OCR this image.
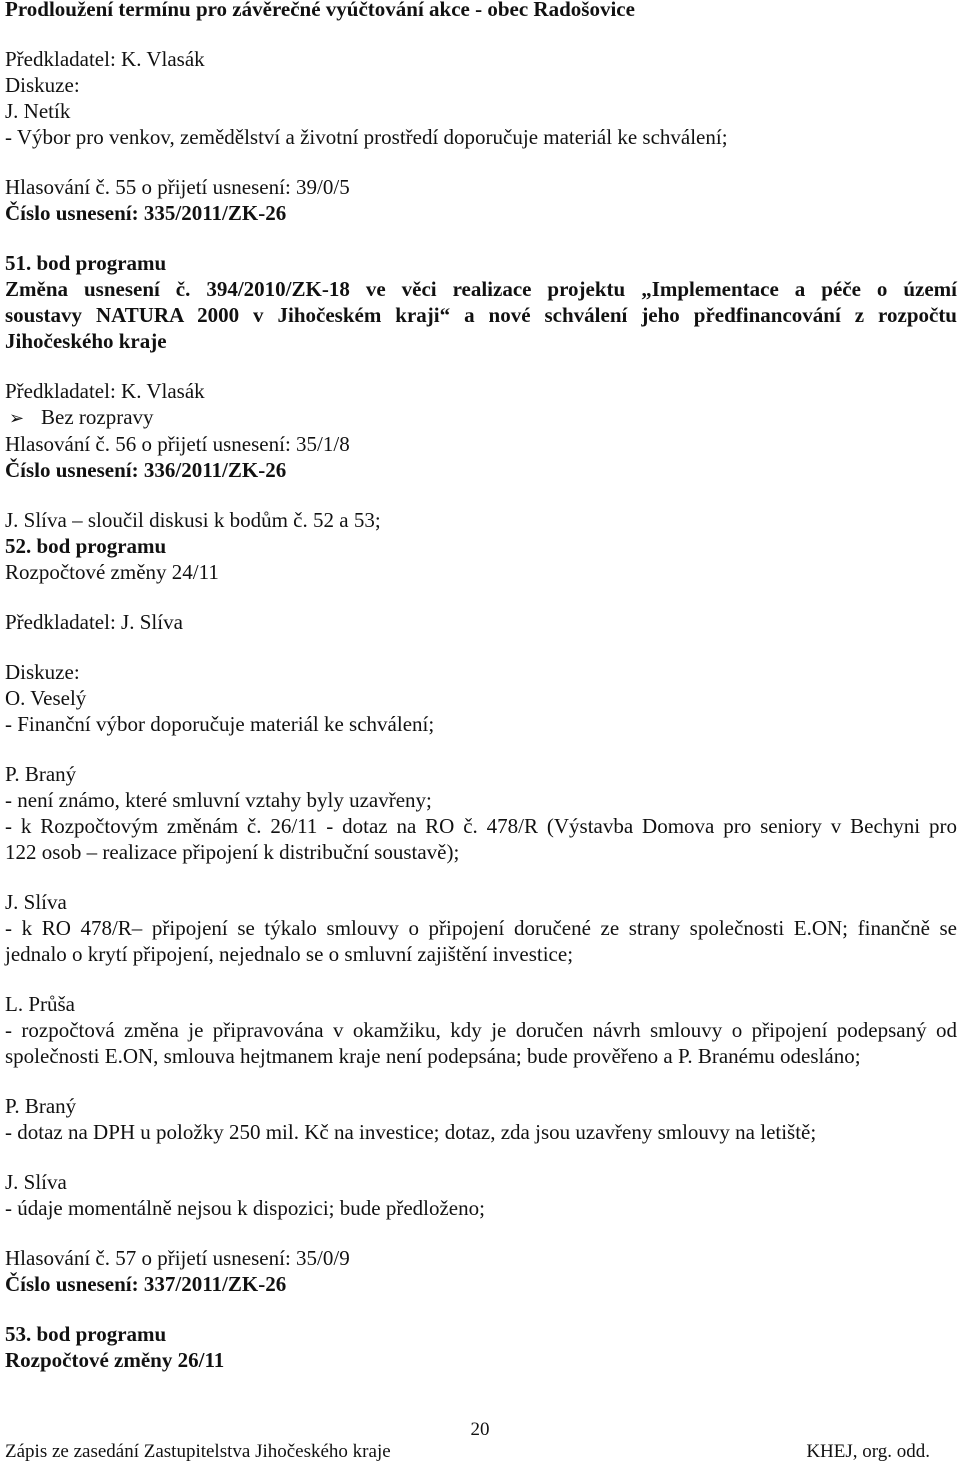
Prodloužení termínu pro závěrečné vyúčtování akce - obec Radošovice
Předkladatel: K. Vlasák
Diskuze:
J. Netík
- Výbor pro venkov, zemědělství a životní prostředí doporučuje materiál ke schválení;
Hlasování č. 55 o přijetí usnesení: 39/0/5
Číslo usnesení: 335/2011/ZK-26
51. bod programu
Změna usnesení č. 394/2010/ZK-18 ve věci realizace projektu „Implementace a péče o území
soustavy NATURA 2000 v Jihočeském kraji“ a nové schválení jeho předfinancování z rozpočtu
Jihočeského kraje
Předkladatel: K. Vlasák
➢ Bez rozpravy
Hlasování č. 56 o přijetí usnesení: 35/1/8
Číslo usnesení: 336/2011/ZK-26
J. Slíva – sloučil diskusi k bodům č. 52 a 53;
52. bod programu
Rozpočtové změny 24/11
Předkladatel: J. Slíva
Diskuze:
O. Veselý
- Finanční výbor doporučuje materiál ke schválení;
P. Braný
- není známo, které smluvní vztahy byly uzavřeny;
- k Rozpočtovým změnám č. 26/11 - dotaz na RO č. 478/R (Výstavba Domova pro seniory v Bechyni pro
122 osob – realizace připojení k distribuční soustavě);
J. Slíva
- k RO 478/R– připojení se týkalo smlouvy o připojení doručené ze strany společnosti E.ON; finančně se
jednalo o krytí připojení, nejednalo se o smluvní zajištění investice;
L. Průša
- rozpočtová změna je připravována v okamžiku, kdy je doručen návrh smlouvy o připojení podepsaný od
společnosti E.ON, smlouva hejtmanem kraje není podepsána; bude prověřeno a P. Branému odesláno;
P. Braný
- dotaz na DPH u položky 250 mil. Kč na investice; dotaz, zda jsou uzavřeny smlouvy na letiště;
J. Slíva
- údaje momentálně nejsou k dispozici; bude předloženo;
Hlasování č. 57 o přijetí usnesení: 35/0/9
Číslo usnesení: 337/2011/ZK-26
53. bod programu
Rozpočtové změny 26/11
20
Zápis ze zasedání Zastupitelstva Jihočeského kraje	KHEJ, org. odd.
